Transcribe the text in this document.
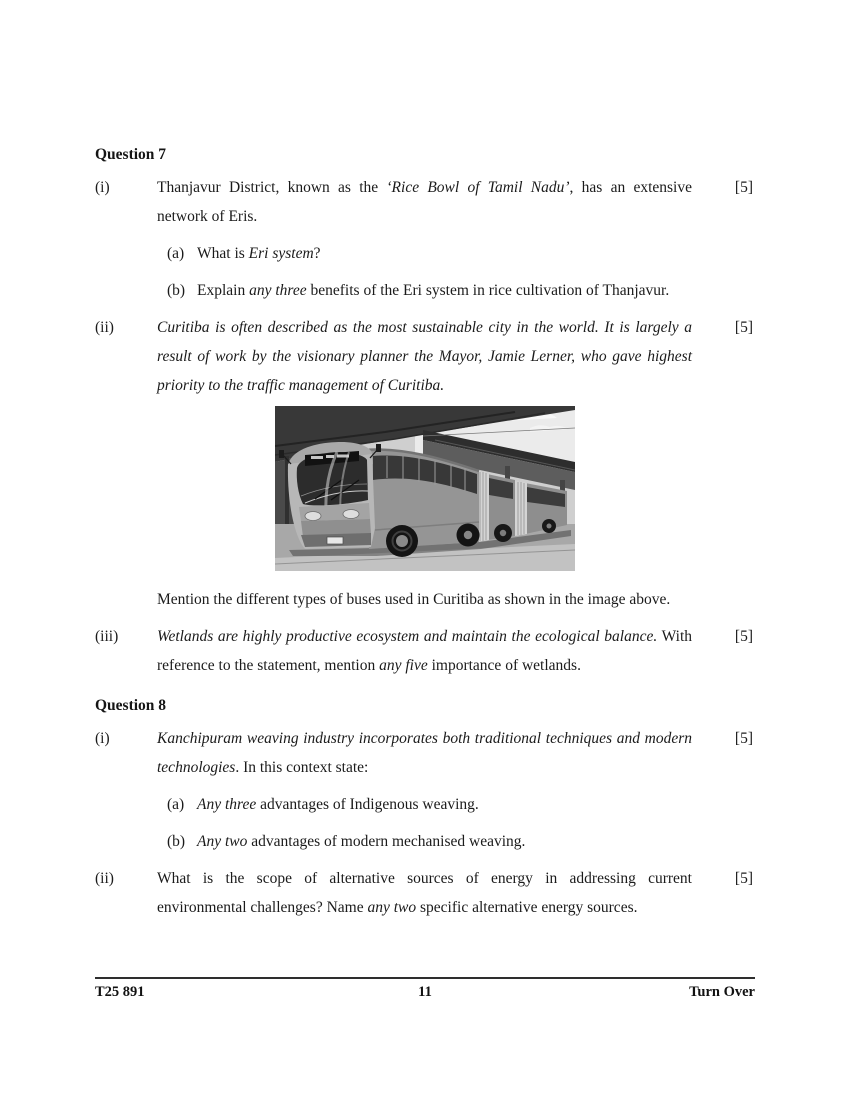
Question 7
(i)	Thanjavur District, known as the ‘Rice Bowl of Tamil Nadu’, has an extensive network of Eris.

(a) What is Eri system?
(b) Explain any three benefits of the Eri system in rice cultivation of Thanjavur.
[5]
(ii)	Curitiba is often described as the most sustainable city in the world. It is largely a result of work by the visionary planner the Mayor, Jamie Lerner, who gave highest priority to the traffic management of Curitiba.

Mention the different types of buses used in Curitiba as shown in the image above.

[5]
(iii)	Wetlands are highly productive ecosystem and maintain the ecological balance. With reference to the statement, mention any five importance of wetlands.

[5]
Question 8
(i)	Kanchipuram weaving industry incorporates both traditional techniques and modern technologies. In this context state:

(a) Any three advantages of Indigenous weaving.
(b) Any two advantages of modern mechanised weaving.
[5]
(ii)	What is the scope of alternative sources of energy in addressing current environmental challenges? Name any two specific alternative energy sources.

[5]
T25 891	11	Turn Over
